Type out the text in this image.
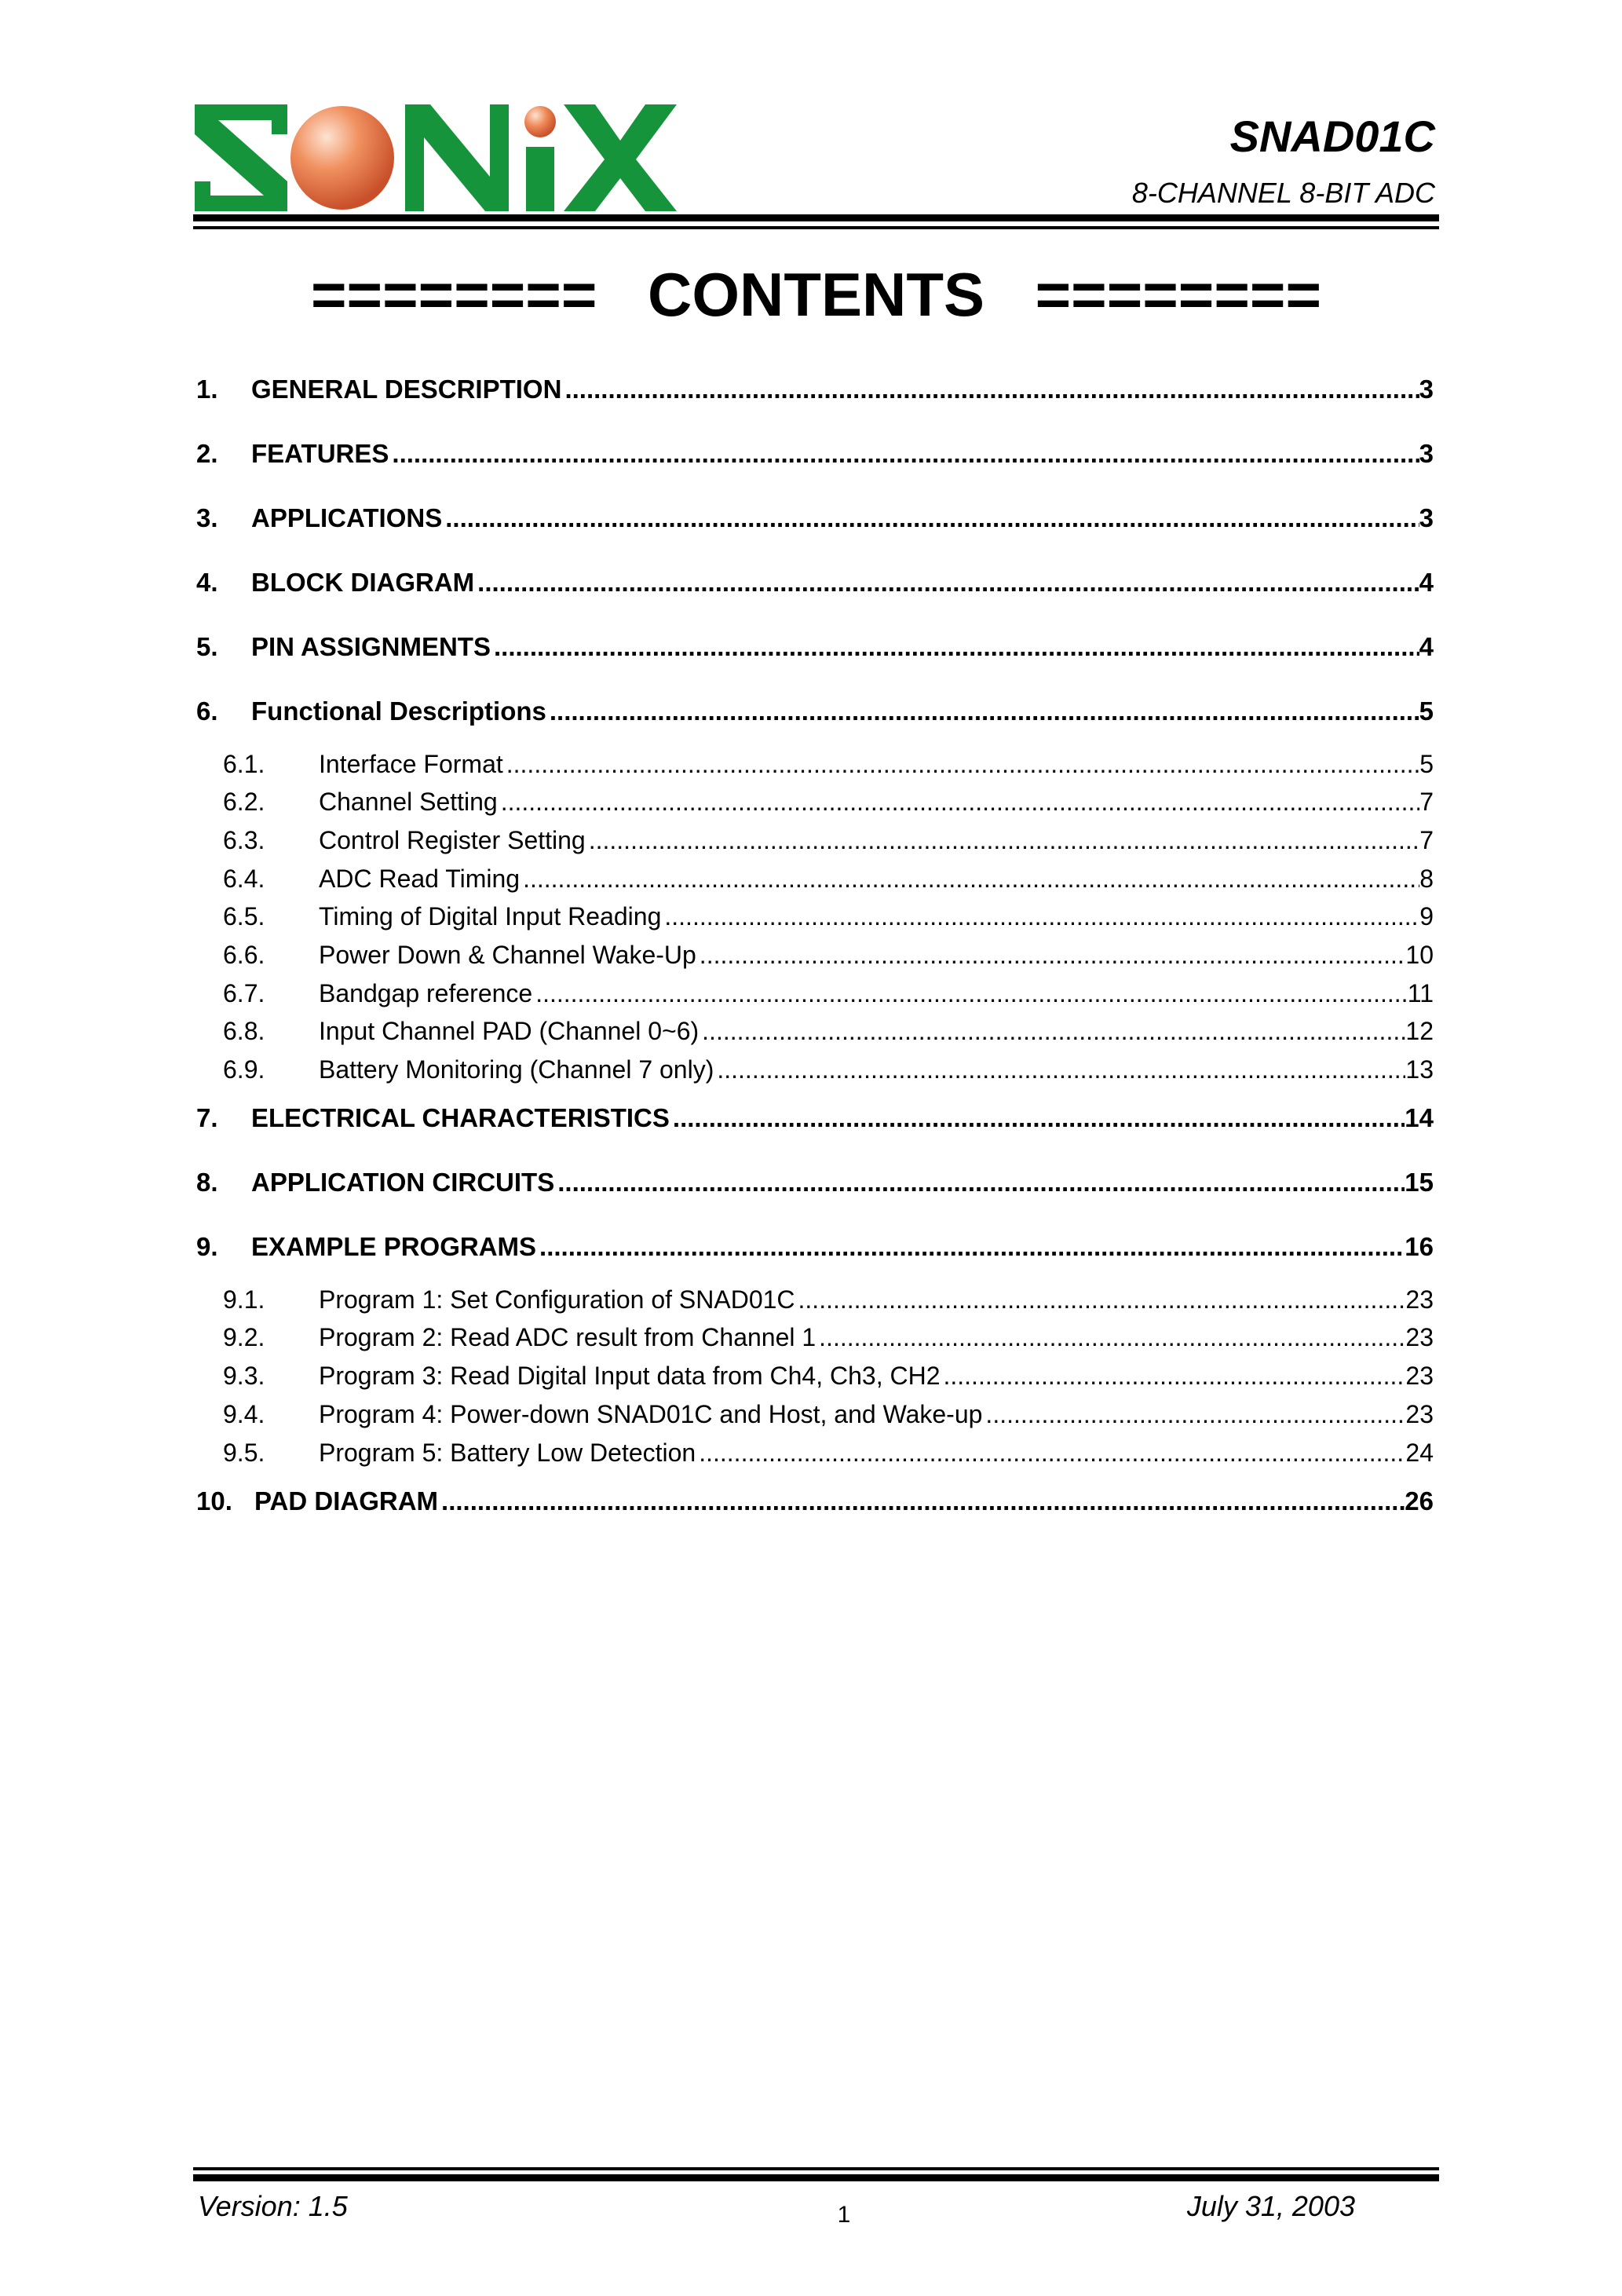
SNAD01C
8-CHANNEL 8-BIT ADC
======== CONTENTS ========
1.	GENERAL DESCRIPTION .....	3
2.	FEATURES .....	3
3.	APPLICATIONS .....	3
4.	BLOCK DIAGRAM .....	4
5.	PIN ASSIGNMENTS .....	4
6.	Functional Descriptions .....	5
6.1.	Interface Format .....	5
6.2.	Channel Setting .....	7
6.3.	Control Register Setting .....	7
6.4.	ADC Read Timing .....	8
6.5.	Timing of Digital Input Reading .....	9
6.6.	Power Down & Channel Wake-Up .....	10
6.7.	Bandgap reference .....	11
6.8.	Input Channel PAD (Channel 0~6) .....	12
6.9.	Battery Monitoring (Channel 7 only) .....	13
7.	ELECTRICAL CHARACTERISTICS .....	14
8.	APPLICATION CIRCUITS .....	15
9.	EXAMPLE PROGRAMS .....	16
9.1.	Program 1: Set Configuration of SNAD01C .....	23
9.2.	Program 2: Read ADC result from Channel 1 .....	23
9.3.	Program 3: Read Digital Input data from Ch4, Ch3, CH2 .....	23
9.4.	Program 4: Power-down SNAD01C and Host, and Wake-up .....	23
9.5.	Program 5: Battery Low Detection .....	24
10. PAD DIAGRAM .....	26
Version: 1.5	1	July 31, 2003
